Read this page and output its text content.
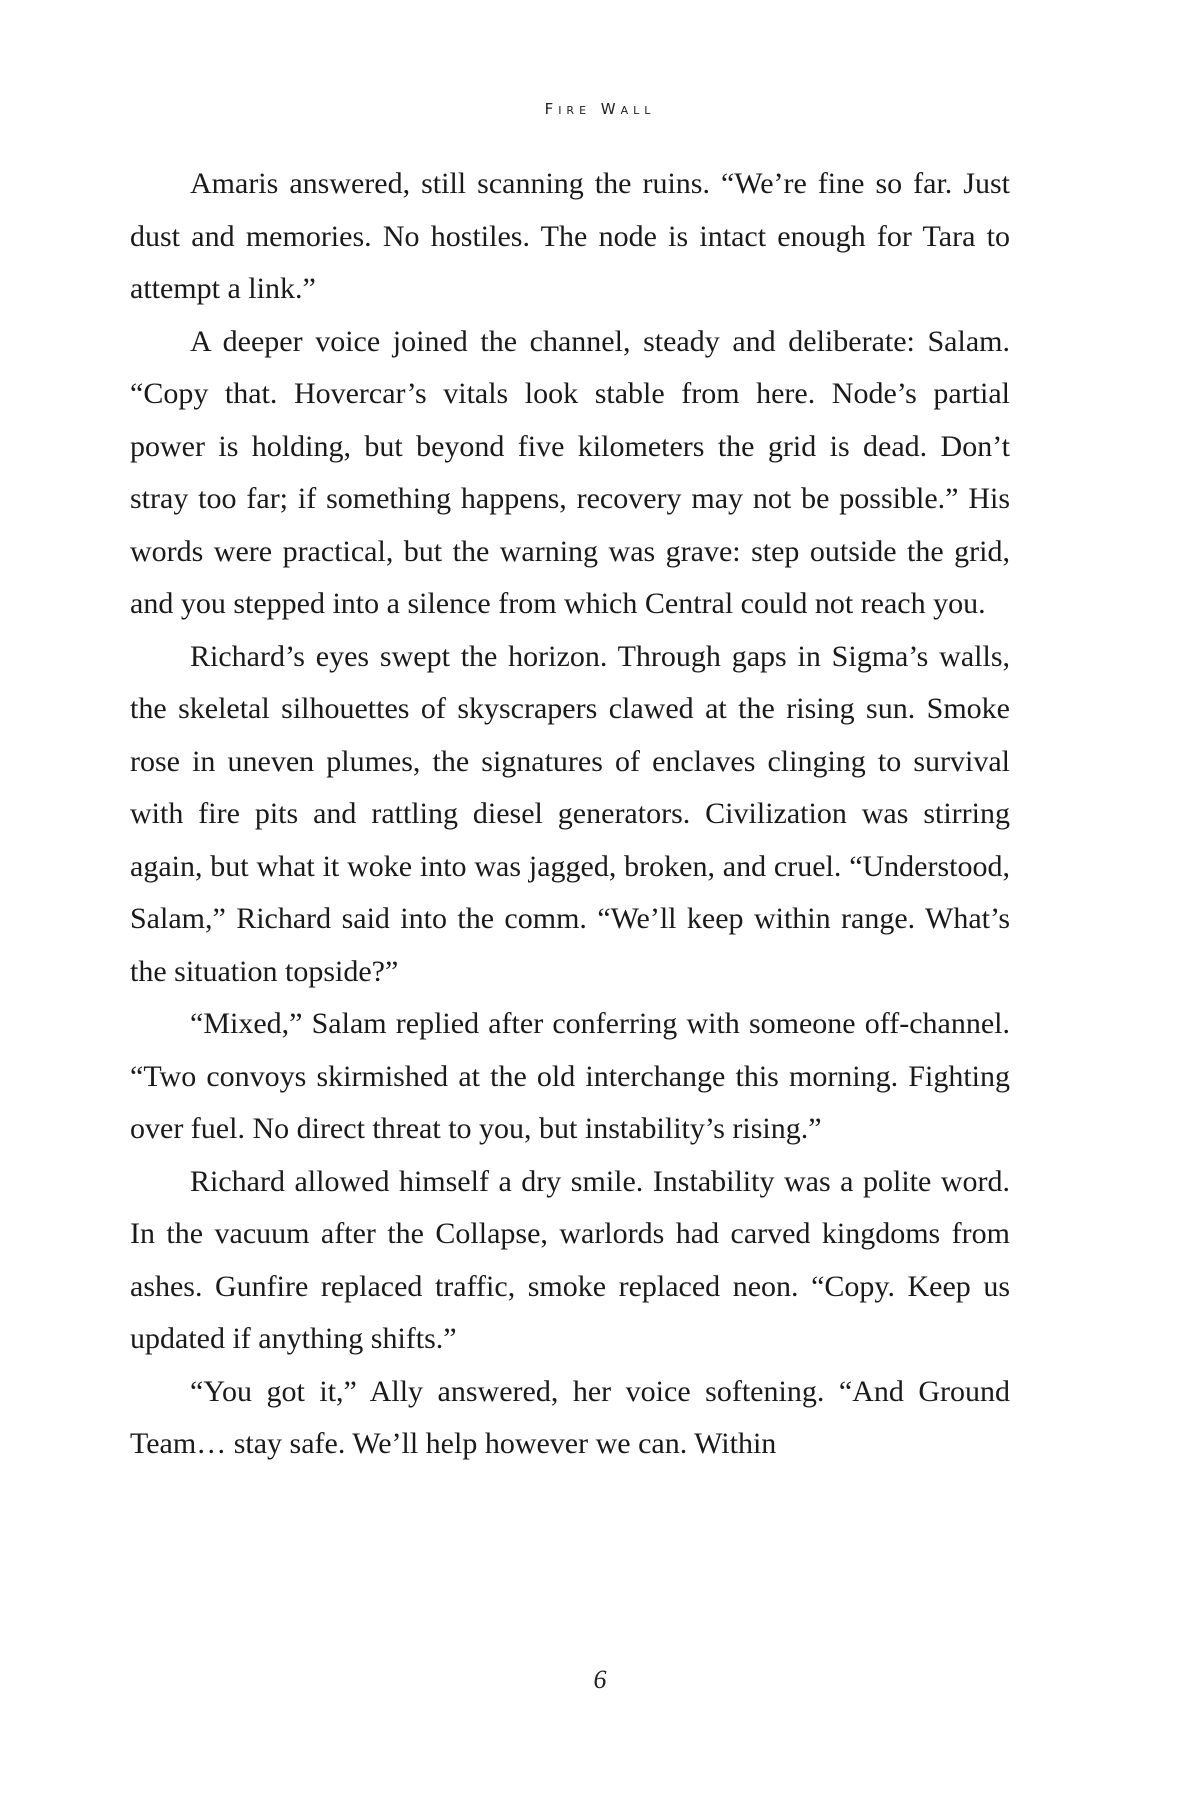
Fire Wall

Amaris answered, still scanning the ruins. “We’re fine so far. Just dust and memories. No hostiles. The node is intact enough for Tara to attempt a link.”

A deeper voice joined the channel, steady and deliberate: Salam. “Copy that. Hovercar’s vitals look stable from here. Node’s partial power is holding, but beyond five kilometers the grid is dead. Don’t stray too far; if something happens, recovery may not be possible.” His words were practical, but the warning was grave: step outside the grid, and you stepped into a silence from which Central could not reach you.

Richard’s eyes swept the horizon. Through gaps in Sigma’s walls, the skeletal silhouettes of skyscrapers clawed at the rising sun. Smoke rose in uneven plumes, the signatures of enclaves clinging to survival with fire pits and rattling diesel generators. Civilization was stirring again, but what it woke into was jagged, broken, and cruel. “Understood, Salam,” Richard said into the comm. “We’ll keep within range. What’s the situation topside?”

“Mixed,” Salam replied after conferring with someone off-channel. “Two convoys skirmished at the old interchange this morning. Fighting over fuel. No direct threat to you, but instability’s rising.”

Richard allowed himself a dry smile. Instability was a polite word. In the vacuum after the Collapse, warlords had carved kingdoms from ashes. Gunfire replaced traffic, smoke replaced neon. “Copy. Keep us updated if anything shifts.”

“You got it,” Ally answered, her voice softening. “And Ground Team… stay safe. We’ll help however we can. Within

6
